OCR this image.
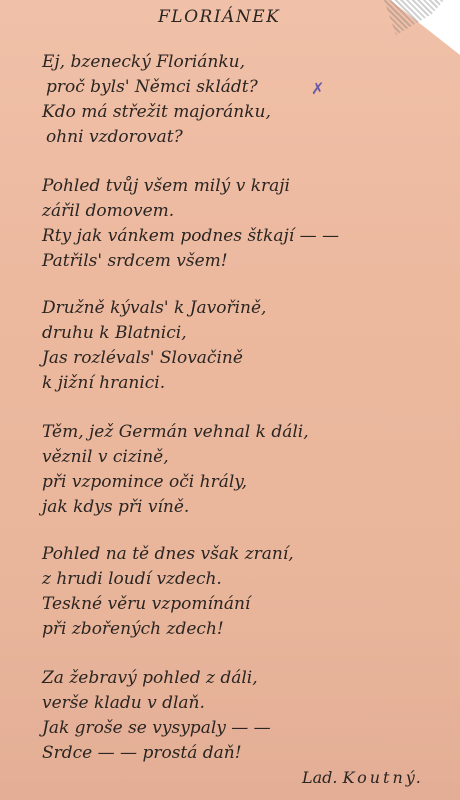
FLORIÁNEK
Ej, bzenecký Floriánku,
proč byls' Němci skládt?
Kdo má střežit majoránku,
ohni vzdorovat?
✗
Pohled tvůj všem milý v kraji
zářil domovem.
Rty jak vánkem podnes štkají — —
Patřils' srdcem všem!
Družně kývals' k Javořině,
druhu k Blatnici,
Jas rozlévals' Slovačině
k jižní hranici.
Těm, jež Germán vehnal k dáli,
věznil v cizině,
při vzpomince oči hrály,
jak kdys při víně.
Pohled na tě dnes však zraní,
z hrudi loudí vzdech.
Teskné věru vzpomínání
při zbořených zdech!
Za žebravý pohled z dáli,
verše kladu v dlaň.
Jak groše se vysypaly — —
Srdce — — prostá daň!
Lad. Koutný.
